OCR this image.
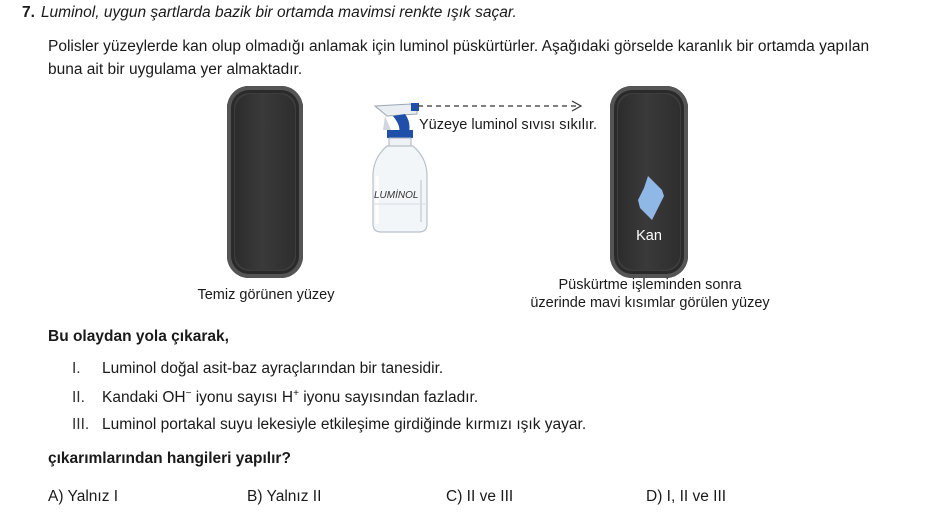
7. Luminol, uygun şartlarda bazik bir ortamda mavimsi renkte ışık saçar.
Polisler yüzeylerde kan olup olmadığı anlamak için luminol püskürtürler. Aşağıdaki görselde karanlık bir ortamda yapılan
buna ait bir uygulama yer almaktadır.
Temiz görünen yüzey
LUMİNOL
Yüzeye luminol sıvısı sıkılır.
Kan
Püskürtme işleminden sonra
üzerinde mavi kısımlar görülen yüzey
Bu olaydan yola çıkarak,
I. Luminol doğal asit-baz ayraçlarından bir tanesidir.
II. Kandaki OH− iyonu sayısı H+ iyonu sayısından fazladır.
III. Luminol portakal suyu lekesiyle etkileşime girdiğinde kırmızı ışık yayar.
çıkarımlarından hangileri yapılır?
A) Yalnız I	B) Yalnız II	C) II ve III	D) I, II ve III
